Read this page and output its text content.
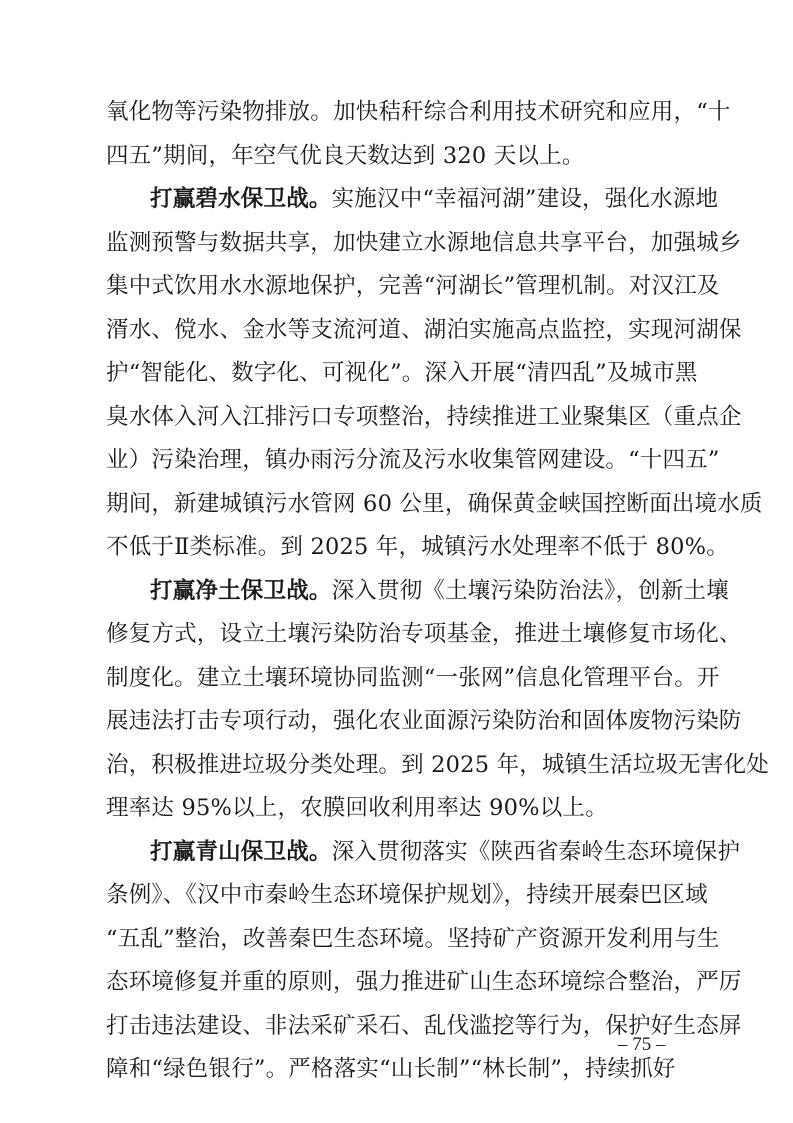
氧化物等污染物排放。加快秸秆综合利用技术研究和应用，“十
四五”期间，年空气优良天数达到 320 天以上。
打赢碧水保卫战。实施汉中“幸福河湖”建设，强化水源地
监测预警与数据共享，加快建立水源地信息共享平台，加强城乡
集中式饮用水水源地保护，完善“河湖长”管理机制。对汉江及
湑水、傥水、金水等支流河道、湖泊实施高点监控，实现河湖保
护“智能化、数字化、可视化”。深入开展“清四乱”及城市黑
臭水体入河入江排污口专项整治，持续推进工业聚集区（重点企
业）污染治理，镇办雨污分流及污水收集管网建设。“十四五”
期间，新建城镇污水管网 60 公里，确保黄金峡国控断面出境水质
不低于Ⅱ类标准。到 2025 年，城镇污水处理率不低于 80%。
打赢净土保卫战。深入贯彻《土壤污染防治法》，创新土壤
修复方式，设立土壤污染防治专项基金，推进土壤修复市场化、
制度化。建立土壤环境协同监测“一张网”信息化管理平台。开
展违法打击专项行动，强化农业面源污染防治和固体废物污染防
治，积极推进垃圾分类处理。到 2025 年，城镇生活垃圾无害化处
理率达 95%以上，农膜回收利用率达 90%以上。
打赢青山保卫战。深入贯彻落实《陕西省秦岭生态环境保护
条例》、《汉中市秦岭生态环境保护规划》，持续开展秦巴区域
“五乱”整治，改善秦巴生态环境。坚持矿产资源开发利用与生
态环境修复并重的原则，强力推进矿山生态环境综合整治，严厉
打击违法建设、非法采矿采石、乱伐滥挖等行为，保护好生态屏
障和“绿色银行”。严格落实“山长制”“林长制”，持续抓好
– 75 –
